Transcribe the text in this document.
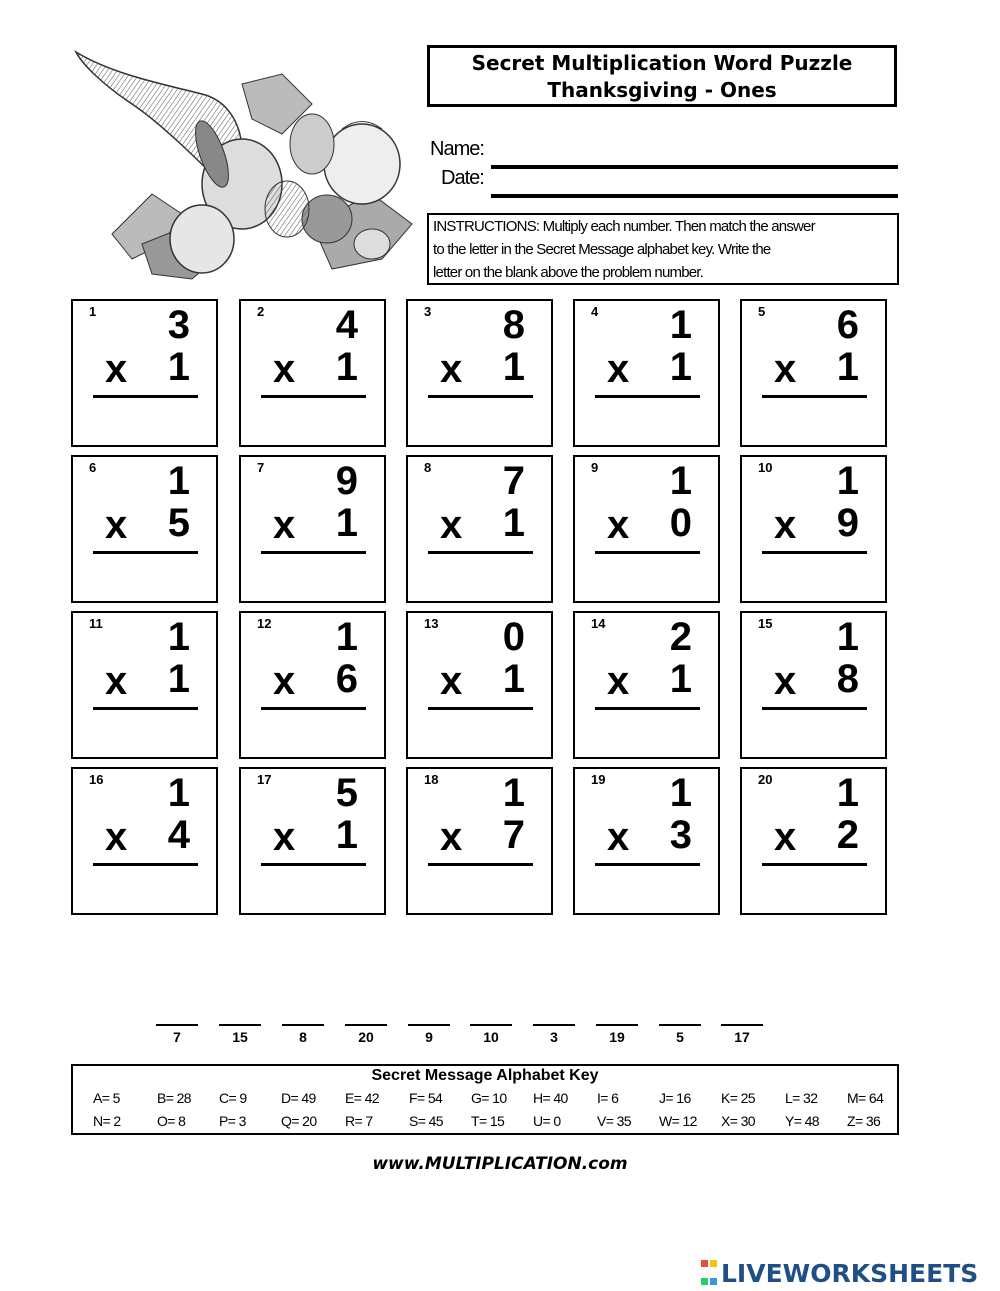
Secret Multiplication Word Puzzle
Thanksgiving - Ones
Name:
Date:
INSTRUCTIONS: Multiply each number. Then match the answer
to the letter in the Secret Message alphabet key. Write the
letter on the blank above the problem number.
1 3
x 1
2 4
x 1
3 8
x 1
4 1
x 1
5 6
x 1
6 1
x 5
7 9
x 1
8 7
x 1
9 1
x 0
10 1
x 9
11 1
x 1
12 1
x 6
13 0
x 1
14 2
x 1
15 1
x 8
16 1
x 4
17 5
x 1
18 1
x 7
19 1
x 3
20 1
x 2
7	15	8	20	9	10	3	19	5	17
Secret Message Alphabet Key
A= 5	B= 28 C= 9 D= 49 E= 42 F= 54 G= 10 H= 40 I= 6	J= 16 K= 25 L= 32 M= 64
N= 2	O= 8 P= 3	Q= 20 R= 7	S= 45 T= 15 U= 0	V= 35 W= 12 X= 30 Y= 48 Z= 36
www.MULTIPLICATION.com
LIVEWORKSHEETS
